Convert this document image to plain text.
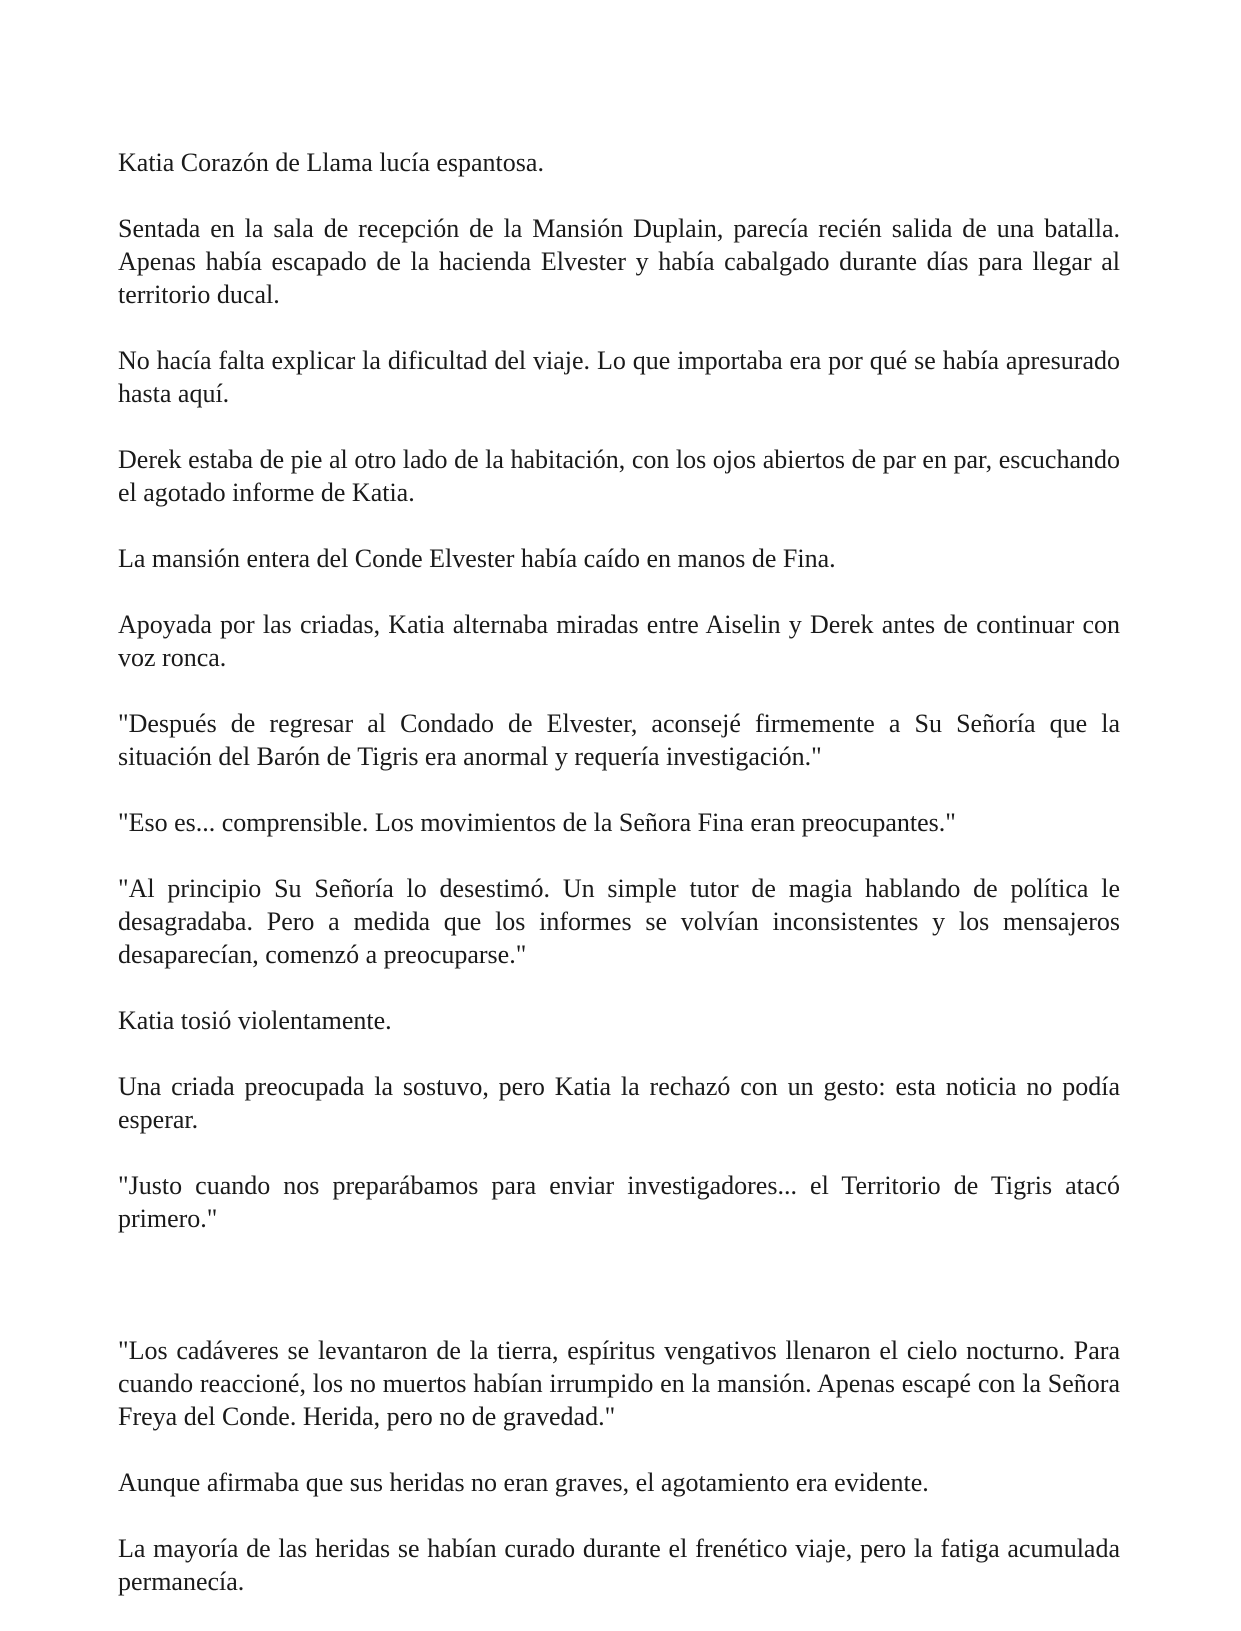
Katia Corazón de Llama lucía espantosa.

Sentada en la sala de recepción de la Mansión Duplain, parecía recién salida de una batalla. Apenas había escapado de la hacienda Elvester y había cabalgado durante días para llegar al territorio ducal.

No hacía falta explicar la dificultad del viaje. Lo que importaba era por qué se había apresurado hasta aquí.

Derek estaba de pie al otro lado de la habitación, con los ojos abiertos de par en par, escuchando el agotado informe de Katia.

La mansión entera del Conde Elvester había caído en manos de Fina.

Apoyada por las criadas, Katia alternaba miradas entre Aiselin y Derek antes de continuar con voz ronca.

"Después de regresar al Condado de Elvester, aconsejé firmemente a Su Señoría que la situación del Barón de Tigris era anormal y requería investigación."

"Eso es... comprensible. Los movimientos de la Señora Fina eran preocupantes."

"Al principio Su Señoría lo desestimó. Un simple tutor de magia hablando de política le desagradaba. Pero a medida que los informes se volvían inconsistentes y los mensajeros desaparecían, comenzó a preocuparse."

Katia tosió violentamente.

Una criada preocupada la sostuvo, pero Katia la rechazó con un gesto: esta noticia no podía esperar.

"Justo cuando nos preparábamos para enviar investigadores... el Territorio de Tigris atacó primero."

"Los cadáveres se levantaron de la tierra, espíritus vengativos llenaron el cielo nocturno. Para cuando reaccioné, los no muertos habían irrumpido en la mansión. Apenas escapé con la Señora Freya del Conde. Herida, pero no de gravedad."

Aunque afirmaba que sus heridas no eran graves, el agotamiento era evidente.

La mayoría de las heridas se habían curado durante el frenético viaje, pero la fatiga acumulada permanecía.
